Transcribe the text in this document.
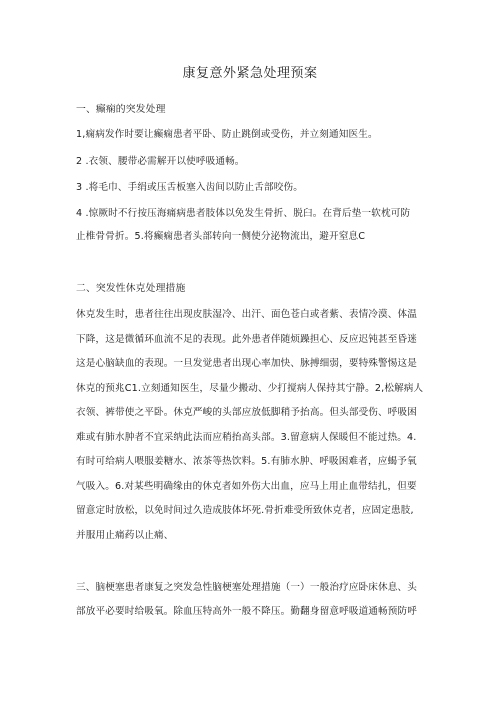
康复意外紧急处理预案
一、癫痫的突发处理
1,痫病发作时要让癫痫患者平卧、防止跳倒或受伤，并立刻通知医生。
2 .衣领、腰带必需解开以使呼吸通畅。
3 .将毛巾、手绢或压舌板塞入齿间以防止舌部咬伤。
4 .惊厥时不行按压海痛病患者肢体以免发生骨折、脱臼。在背后垫一软枕可防
止椎骨骨折。5.将癫痫患者头部转向一侧使分泌物流出，避开窒息C
二、突发性休克处理措施
休克发生时，患者往往出现皮肤湿冷、出汗、面色苍白或者紫、表情冷漠、体温
下降，这是微循环血流不足的表现。此外患者伴随烦躁担心、反应迟钝甚至昏迷
这是心脑缺血的表现。一旦发觉患者出现心率加快、脉搏细弱，要特殊警惕这是
休克的预兆C1.立刻通知医生，尽量少搬动、少打搅病人保持其宁静。2,松解病人
衣领、裤带使之平卧。休克严峻的头部应放低脚稍予抬高。但头部受伤、呼吸困
难或有肺水肿者不宜采纳此法而应稍抬高头部。3.留意病人保暖但不能过热。4.
有时可给病人喂服姜糖水、浓茶等热饮料。5.有肺水肿、呼吸困难者，应蝎予氧
气吸入。6.对某些明确缘由的休克者如外伤大出血，应马上用止血带结扎，但要
留意定时放松，以免时间过久造成肢体坏死.骨折难受所致休克者，应固定患肢,
并服用止痛药以止痛、
三、脑梗塞患者康复之突发急性脑梗塞处理措施（一）一般治疗应卧床休息、头
部放平必要时给吸氧。除血压特高外一般不降压。勤翻身留意呼吸道通畅预防呼
